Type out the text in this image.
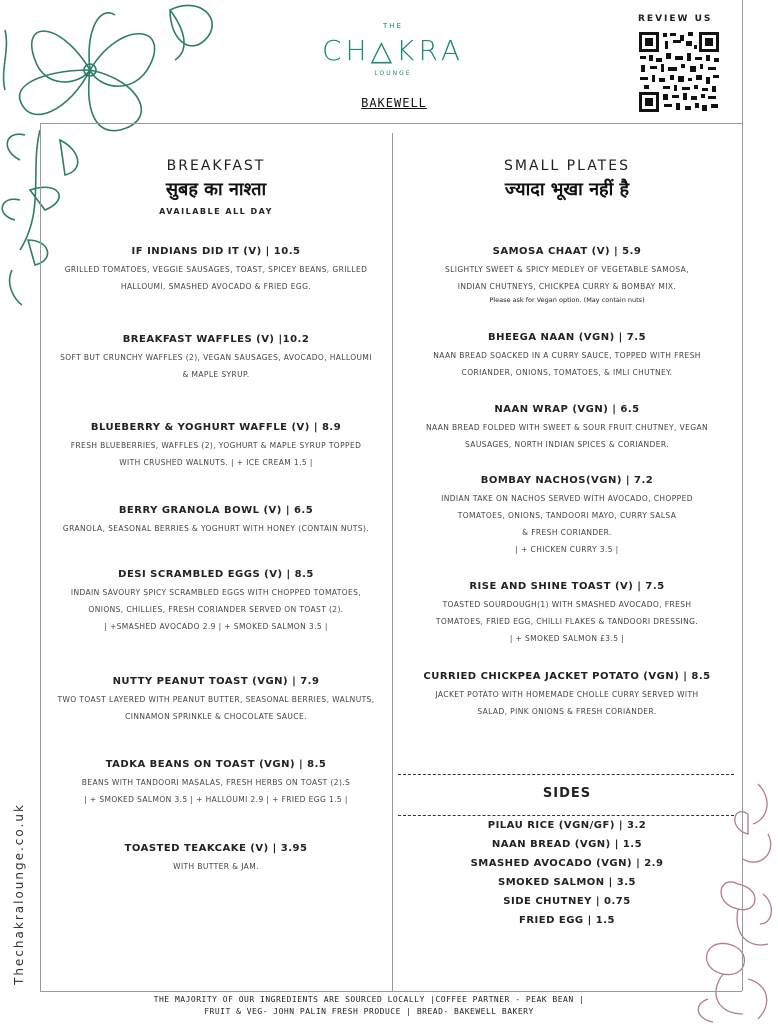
THE
CH△KRA
LOUNGE
BAKEWELL
REVIEW US
BREAKFAST
सुबह का नाश्ता
AVAILABLE ALL DAY
IF INDIANS DID IT (V) | 10.5
GRILLED TOMATOES, VEGGIE SAUSAGES, TOAST, SPICEY BEANS, GRILLED
HALLOUMI, SMASHED AVOCADO & FRIED EGG.
BREAKFAST WAFFLES (V) |10.2
SOFT BUT CRUNCHY WAFFLES (2), VEGAN SAUSAGES, AVOCADO, HALLOUMI
& MAPLE SYRUP.
BLUEBERRY & YOGHURT WAFFLE (V) | 8.9
FRESH BLUEBERRIES, WAFFLES (2), YOGHURT & MAPLE SYRUP TOPPED
WITH CRUSHED WALNUTS. | + ICE CREAM 1.5 |
BERRY GRANOLA BOWL (V) | 6.5
GRANOLA, SEASONAL BERRIES & YOGHURT WITH HONEY (CONTAIN NUTS).
DESI SCRAMBLED EGGS (V) | 8.5
INDAIN SAVOURY SPICY SCRAMBLED EGGS WITH CHOPPED TOMATOES,
ONIONS, CHILLIES, FRESH CORIANDER SERVED ON TOAST (2).
| +SMASHED AVOCADO 2.9 | + SMOKED SALMON 3.5 |
NUTTY PEANUT TOAST (VGN) | 7.9
TWO TOAST LAYERED WITH PEANUT BUTTER, SEASONAL BERRIES, WALNUTS,
CINNAMON SPRINKLE & CHOCOLATE SAUCE.
TADKA BEANS ON TOAST (VGN) | 8.5
BEANS WITH TANDOORI MASALAS, FRESH HERBS ON TOAST (2).S
| + SMOKED SALMON 3.5 | + HALLOUMI 2.9 | + FRIED EGG 1.5 |
TOASTED TEAKCAKE (V) | 3.95
WITH BUTTER & JAM.
SMALL PLATES
ज्यादा भूखा नहीं है
SAMOSA CHAAT (V) | 5.9
SLIGHTLY SWEET & SPICY MEDLEY OF VEGETABLE SAMOSA,
INDIAN CHUTNEYS, CHICKPEA CURRY & BOMBAY MIX.
Please ask for Vegan option. (May contain nuts)
BHEEGA NAAN (VGN) | 7.5
NAAN BREAD SOACKED IN A CURRY SAUCE, TOPPED WITH FRESH
CORIANDER, ONIONS, TOMATOES, & IMLI CHUTNEY.
NAAN WRAP (VGN) | 6.5
NAAN BREAD FOLDED WITH SWEET & SOUR FRUIT CHUTNEY, VEGAN
SAUSAGES, NORTH INDIAN SPICES & CORIANDER.
BOMBAY NACHOS(VGN) | 7.2
INDIAN TAKE ON NACHOS SERVED WITH AVOCADO, CHOPPED
TOMATOES, ONIONS, TANDOORI MAYO, CURRY SALSA
& FRESH CORIANDER.
| + CHICKEN CURRY 3.5 |
RISE AND SHINE TOAST (V) | 7.5
TOASTED SOURDOUGH(1) WITH SMASHED AVOCADO, FRESH
TOMATOES, FRIED EGG, CHILLI FLAKES & TANDOORI DRESSING.
| + SMOKED SALMON £3.5 |
CURRIED CHICKPEA JACKET POTATO (VGN) | 8.5
JACKET POTATO WITH HOMEMADE CHOLLE CURRY SERVED WITH
SALAD, PINK ONIONS & FRESH CORIANDER.
SIDES
PILAU RICE (VGN/GF) | 3.2
NAAN BREAD (VGN) | 1.5
SMASHED AVOCADO (VGN) | 2.9
SMOKED SALMON | 3.5
SIDE CHUTNEY | 0.75
FRIED EGG | 1.5
Thechakralounge.co.uk
THE MAJORITY OF OUR INGREDIENTS ARE SOURCED LOCALLY |COFFEE PARTNER - PEAK BEAN |
FRUIT & VEG- JOHN PALIN FRESH PRODUCE | BREAD- BAKEWELL BAKERY
